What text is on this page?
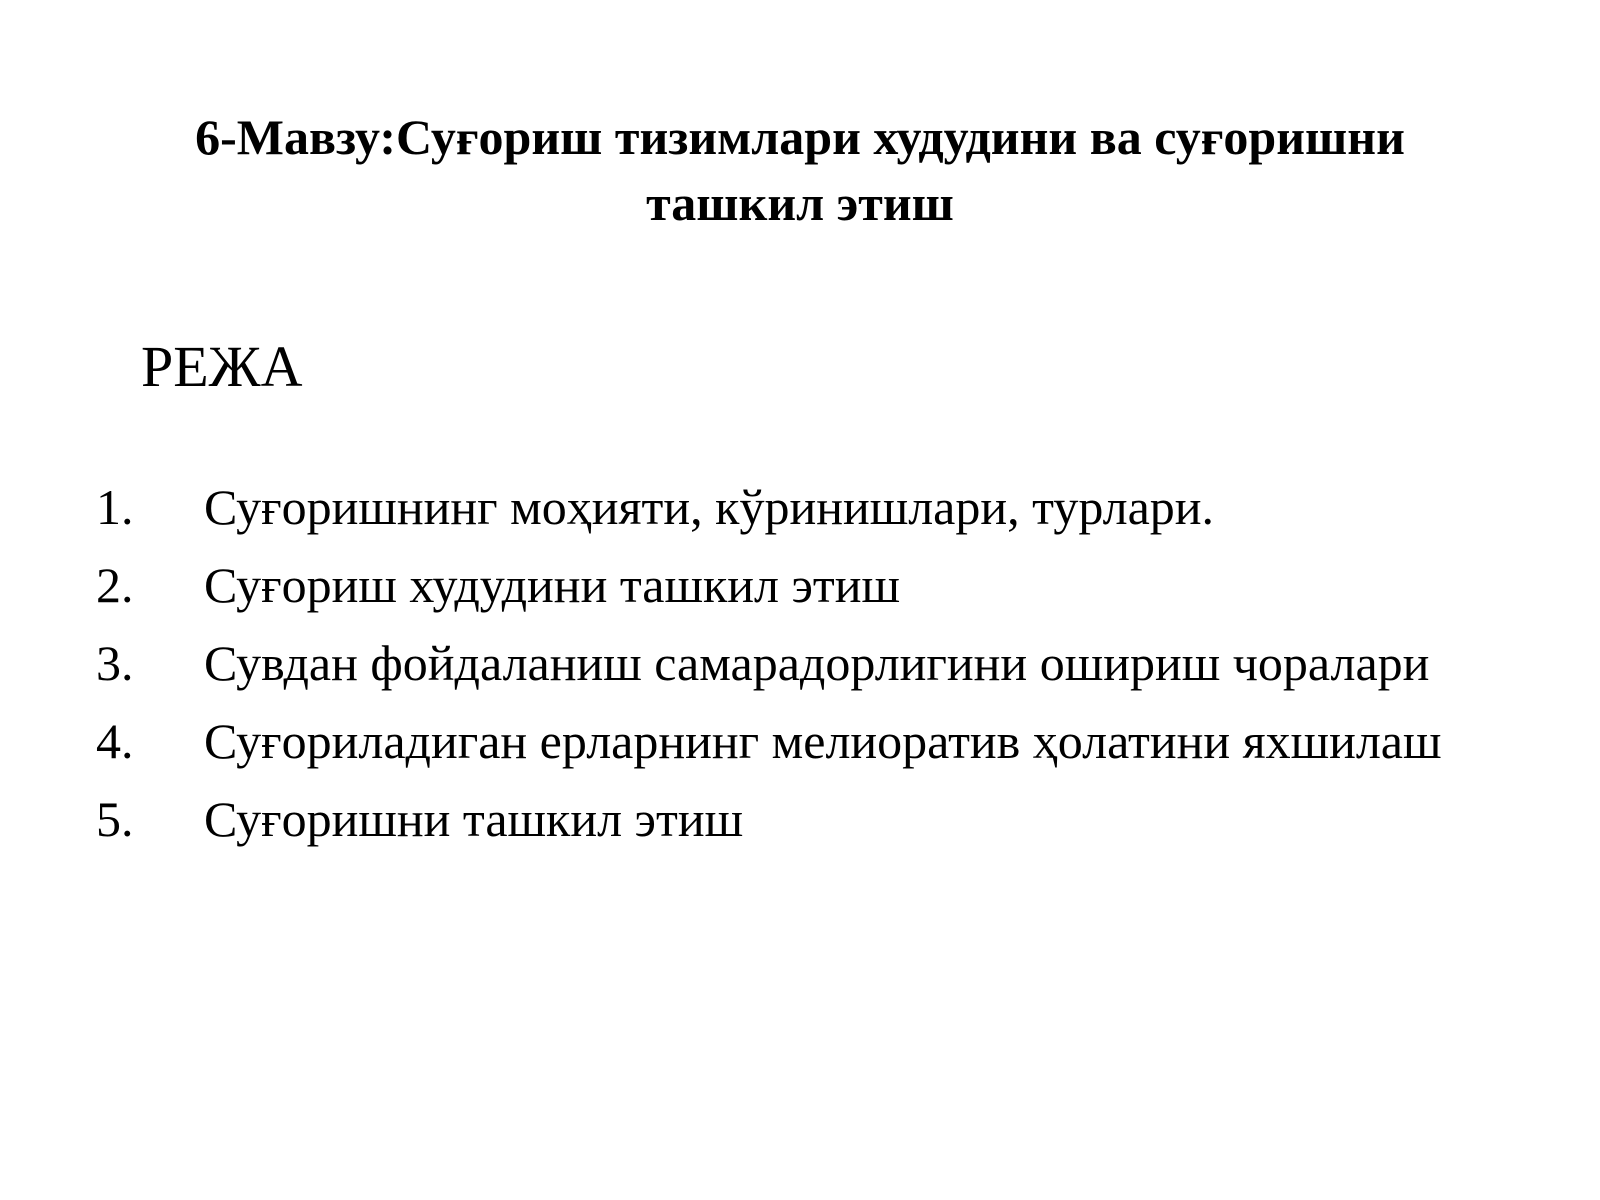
6-Мавзу:Суғориш тизимлари худудини ва суғоришни ташкил этиш
РЕЖА
1.	Суғоришнинг моҳияти, кўринишлари, турлари.
2.	Суғориш худудини ташкил этиш
3.	Сувдан фойдаланиш самарадорлигини ошириш чоралари
4.	Суғориладиган ерларнинг мелиоратив ҳолатини яхшилаш
5.	Суғоришни ташкил этиш
